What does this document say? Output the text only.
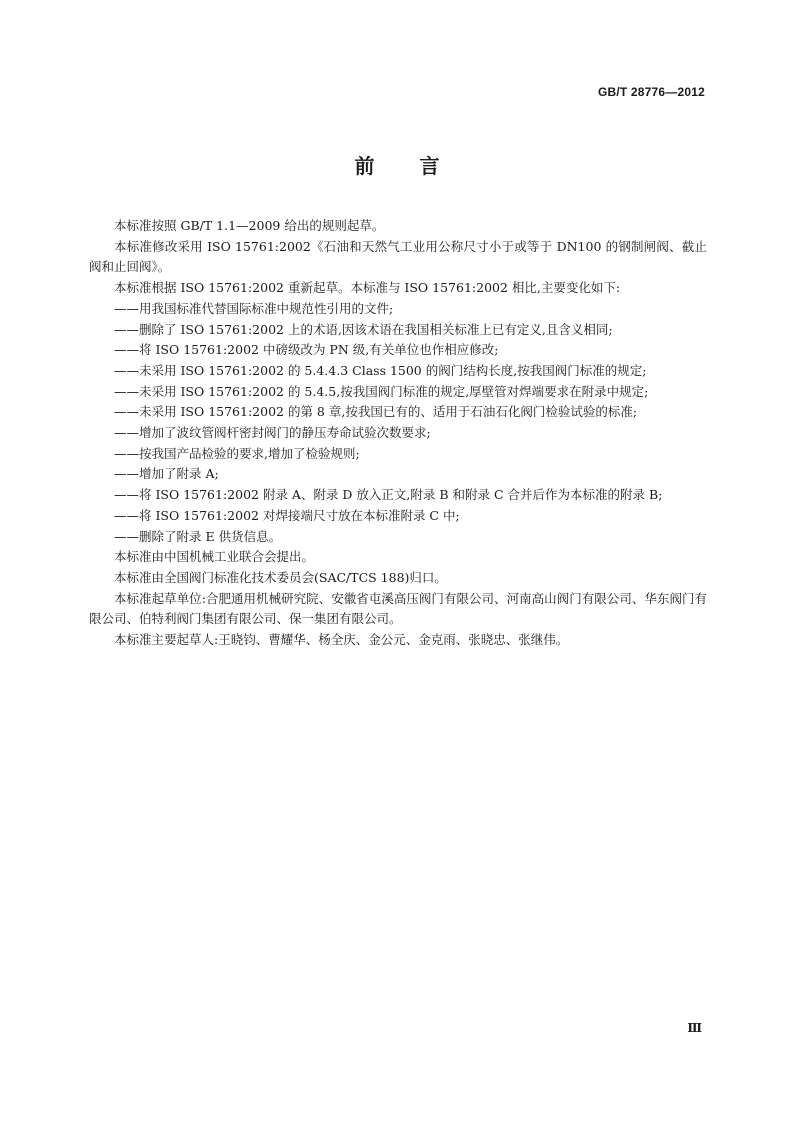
GB/T 28776—2012
前言

本标准按照 GB/T 1.1—2009 给出的规则起草。

本标准修改采用 ISO 15761:2002《石油和天然气工业用公称尺寸小于或等于 DN100 的钢制闸阀、截止阀和止回阀》。

本标准根据 ISO 15761:2002 重新起草。本标准与 ISO 15761:2002 相比,主要变化如下:

——用我国标准代替国际标准中规范性引用的文件;

——删除了 ISO 15761:2002 上的术语,因该术语在我国相关标准上已有定义,且含义相同;

——将 ISO 15761:2002 中磅级改为 PN 级,有关单位也作相应修改;

——未采用 ISO 15761:2002 的 5.4.4.3 Class 1500 的阀门结构长度,按我国阀门标准的规定;

——未采用 ISO 15761:2002 的 5.4.5,按我国阀门标准的规定,厚壁管对焊端要求在附录中规定;

——未采用 ISO 15761:2002 的第 8 章,按我国已有的、适用于石油石化阀门检验试验的标准;

——增加了波纹管阀杆密封阀门的静压寿命试验次数要求;

——按我国产品检验的要求,增加了检验规则;

——增加了附录 A;

——将 ISO 15761:2002 附录 A、附录 D 放入正文,附录 B 和附录 C 合并后作为本标准的附录 B;

——将 ISO 15761:2002 对焊接端尺寸放在本标准附录 C 中;

——删除了附录 E 供货信息。

本标准由中国机械工业联合会提出。

本标准由全国阀门标准化技术委员会(SAC/TCS 188)归口。

本标准起草单位:合肥通用机械研究院、安徽省屯溪高压阀门有限公司、河南高山阀门有限公司、华东阀门有限公司、伯特利阀门集团有限公司、保一集团有限公司。

本标准主要起草人:王晓钧、曹耀华、杨全庆、金公元、金克雨、张晓忠、张继伟。

Ⅲ
